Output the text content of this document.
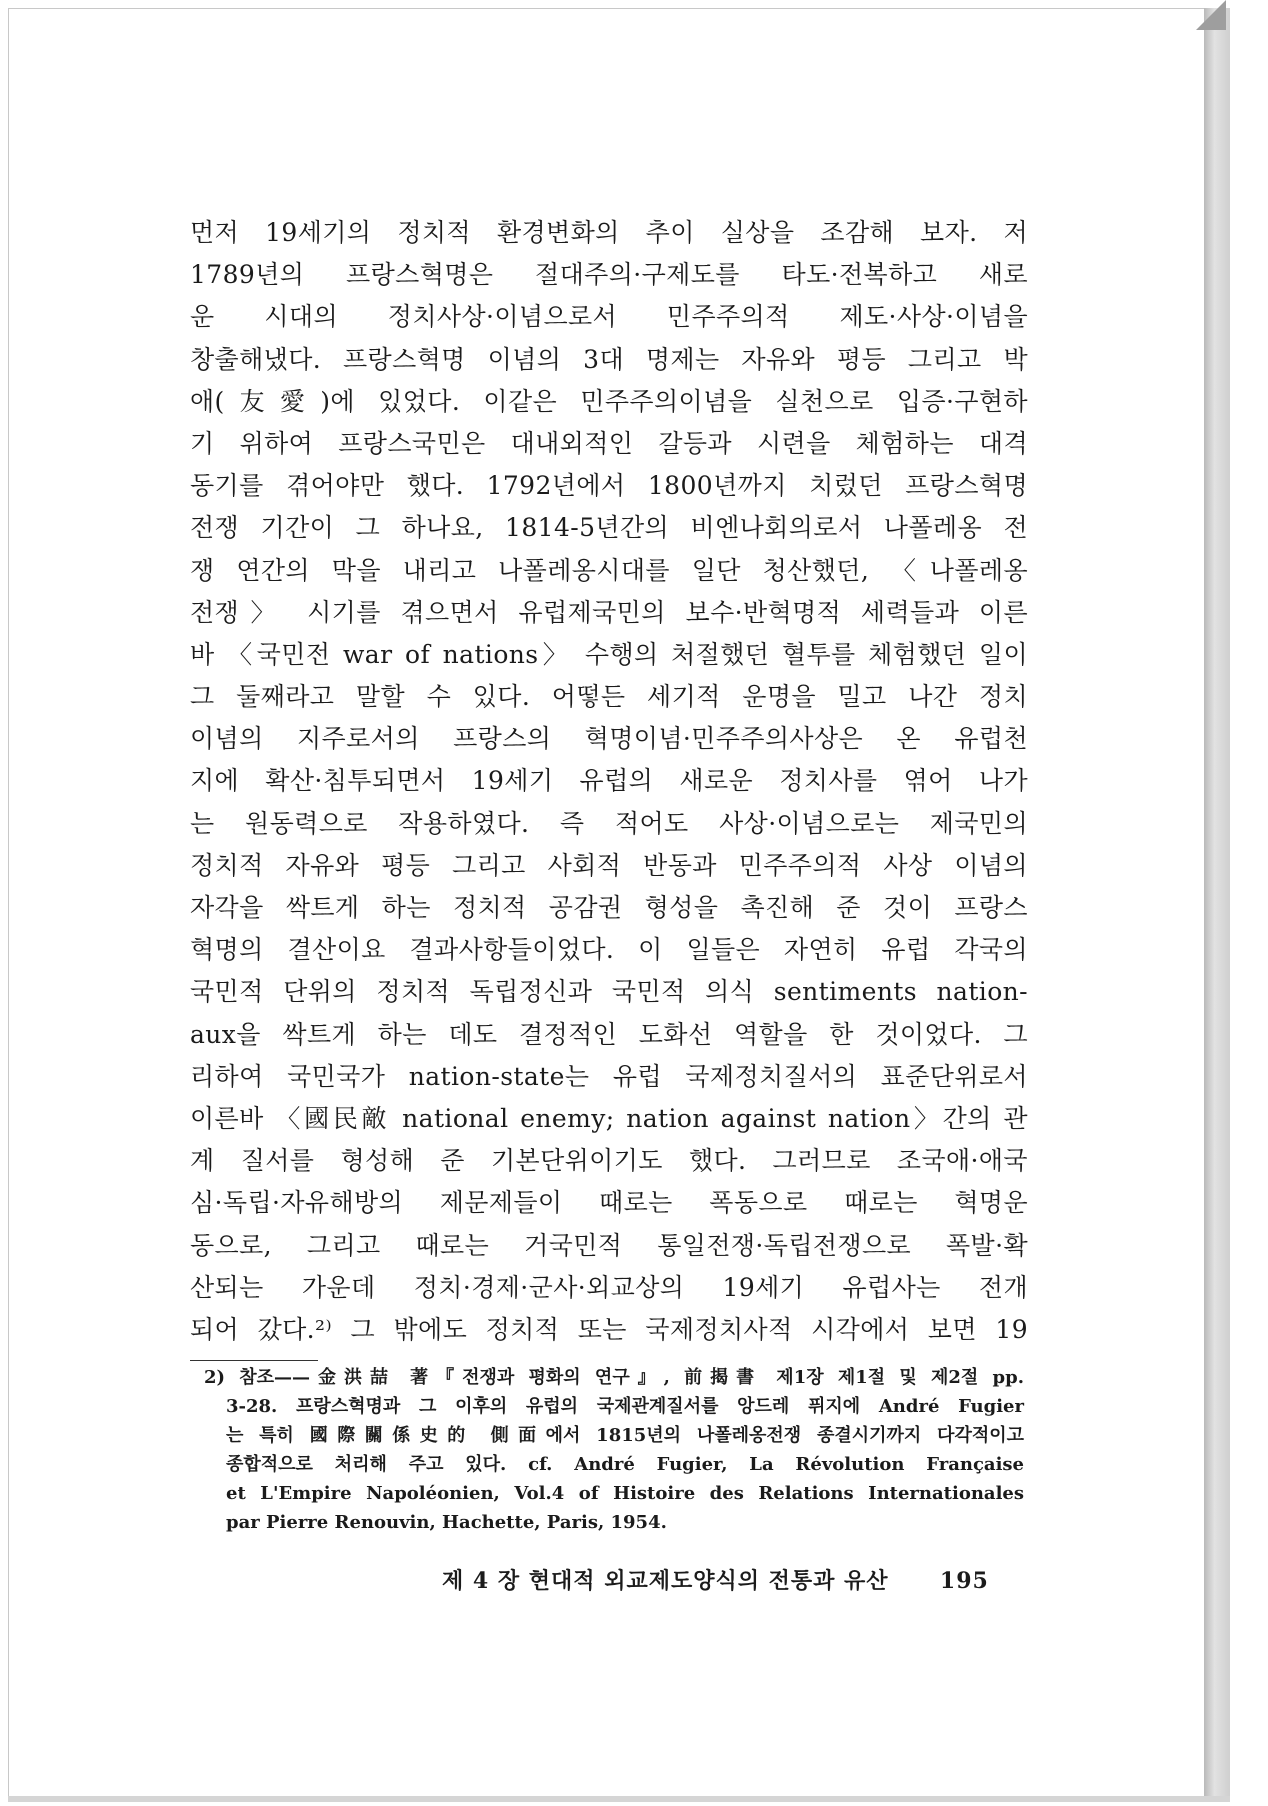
먼저 19세기의 정치적 환경변화의 추이 실상을 조감해 보자. 저
1789년의 프랑스혁명은 절대주의·구제도를 타도·전복하고 새로
운 시대의 정치사상·이념으로서 민주주의적 제도·사상·이념을
창출해냈다. 프랑스혁명 이념의 3대 명제는 자유와 평등 그리고 박
애(友愛)에 있었다. 이같은 민주주의이념을 실천으로 입증·구현하
기 위하여 프랑스국민은 대내외적인 갈등과 시련을 체험하는 대격
동기를 겪어야만 했다. 1792년에서 1800년까지 치렀던 프랑스혁명
전쟁 기간이 그 하나요, 1814-5년간의 비엔나회의로서 나폴레옹 전
쟁 연간의 막을 내리고 나폴레옹시대를 일단 청산했던, 〈나폴레옹
전쟁〉 시기를 겪으면서 유럽제국민의 보수·반혁명적 세력들과 이른
바 〈국민전 war of nations〉 수행의 처절했던 혈투를 체험했던 일이
그 둘째라고 말할 수 있다. 어떻든 세기적 운명을 밀고 나간 정치
이념의 지주로서의 프랑스의 혁명이념·민주주의사상은 온 유럽천
지에 확산·침투되면서 19세기 유럽의 새로운 정치사를 엮어 나가
는 원동력으로 작용하였다. 즉 적어도 사상·이념으로는 제국민의
정치적 자유와 평등 그리고 사회적 반동과 민주주의적 사상 이념의
자각을 싹트게 하는 정치적 공감권 형성을 촉진해 준 것이 프랑스
혁명의 결산이요 결과사항들이었다. 이 일들은 자연히 유럽 각국의
국민적 단위의 정치적 독립정신과 국민적 의식 sentiments nation-
aux을 싹트게 하는 데도 결정적인 도화선 역할을 한 것이었다. 그
리하여 국민국가 nation-state는 유럽 국제정치질서의 표준단위로서
이른바 〈國民敵 national enemy; nation against nation〉간의 관
계 질서를 형성해 준 기본단위이기도 했다. 그러므로 조국애·애국
심·독립·자유해방의 제문제들이 때로는 폭동으로 때로는 혁명운
동으로, 그리고 때로는 거국민적 통일전쟁·독립전쟁으로 폭발·확
산되는 가운데 정치·경제·군사·외교상의 19세기 유럽사는 전개
되어 갔다.²⁾ 그 밖에도 정치적 또는 국제정치사적 시각에서 보면 19
2) 참조——金洪喆 著『전쟁과 평화의 연구』, 前揭書 제1장 제1절 및 제2절 pp.
3-28. 프랑스혁명과 그 이후의 유럽의 국제관계질서를 앙드레 퓌지에 André Fugier
는 특히 國際關係史的 側面에서 1815년의 나폴레옹전쟁 종결시기까지 다각적이고
종합적으로 처리해 주고 있다. cf. André Fugier, La Révolution Française
et L'Empire Napoléonien, Vol.4 of Histoire des Relations Internationales
par Pierre Renouvin, Hachette, Paris, 1954.
제 4 장 현대적 외교제도양식의 전통과 유산 195
